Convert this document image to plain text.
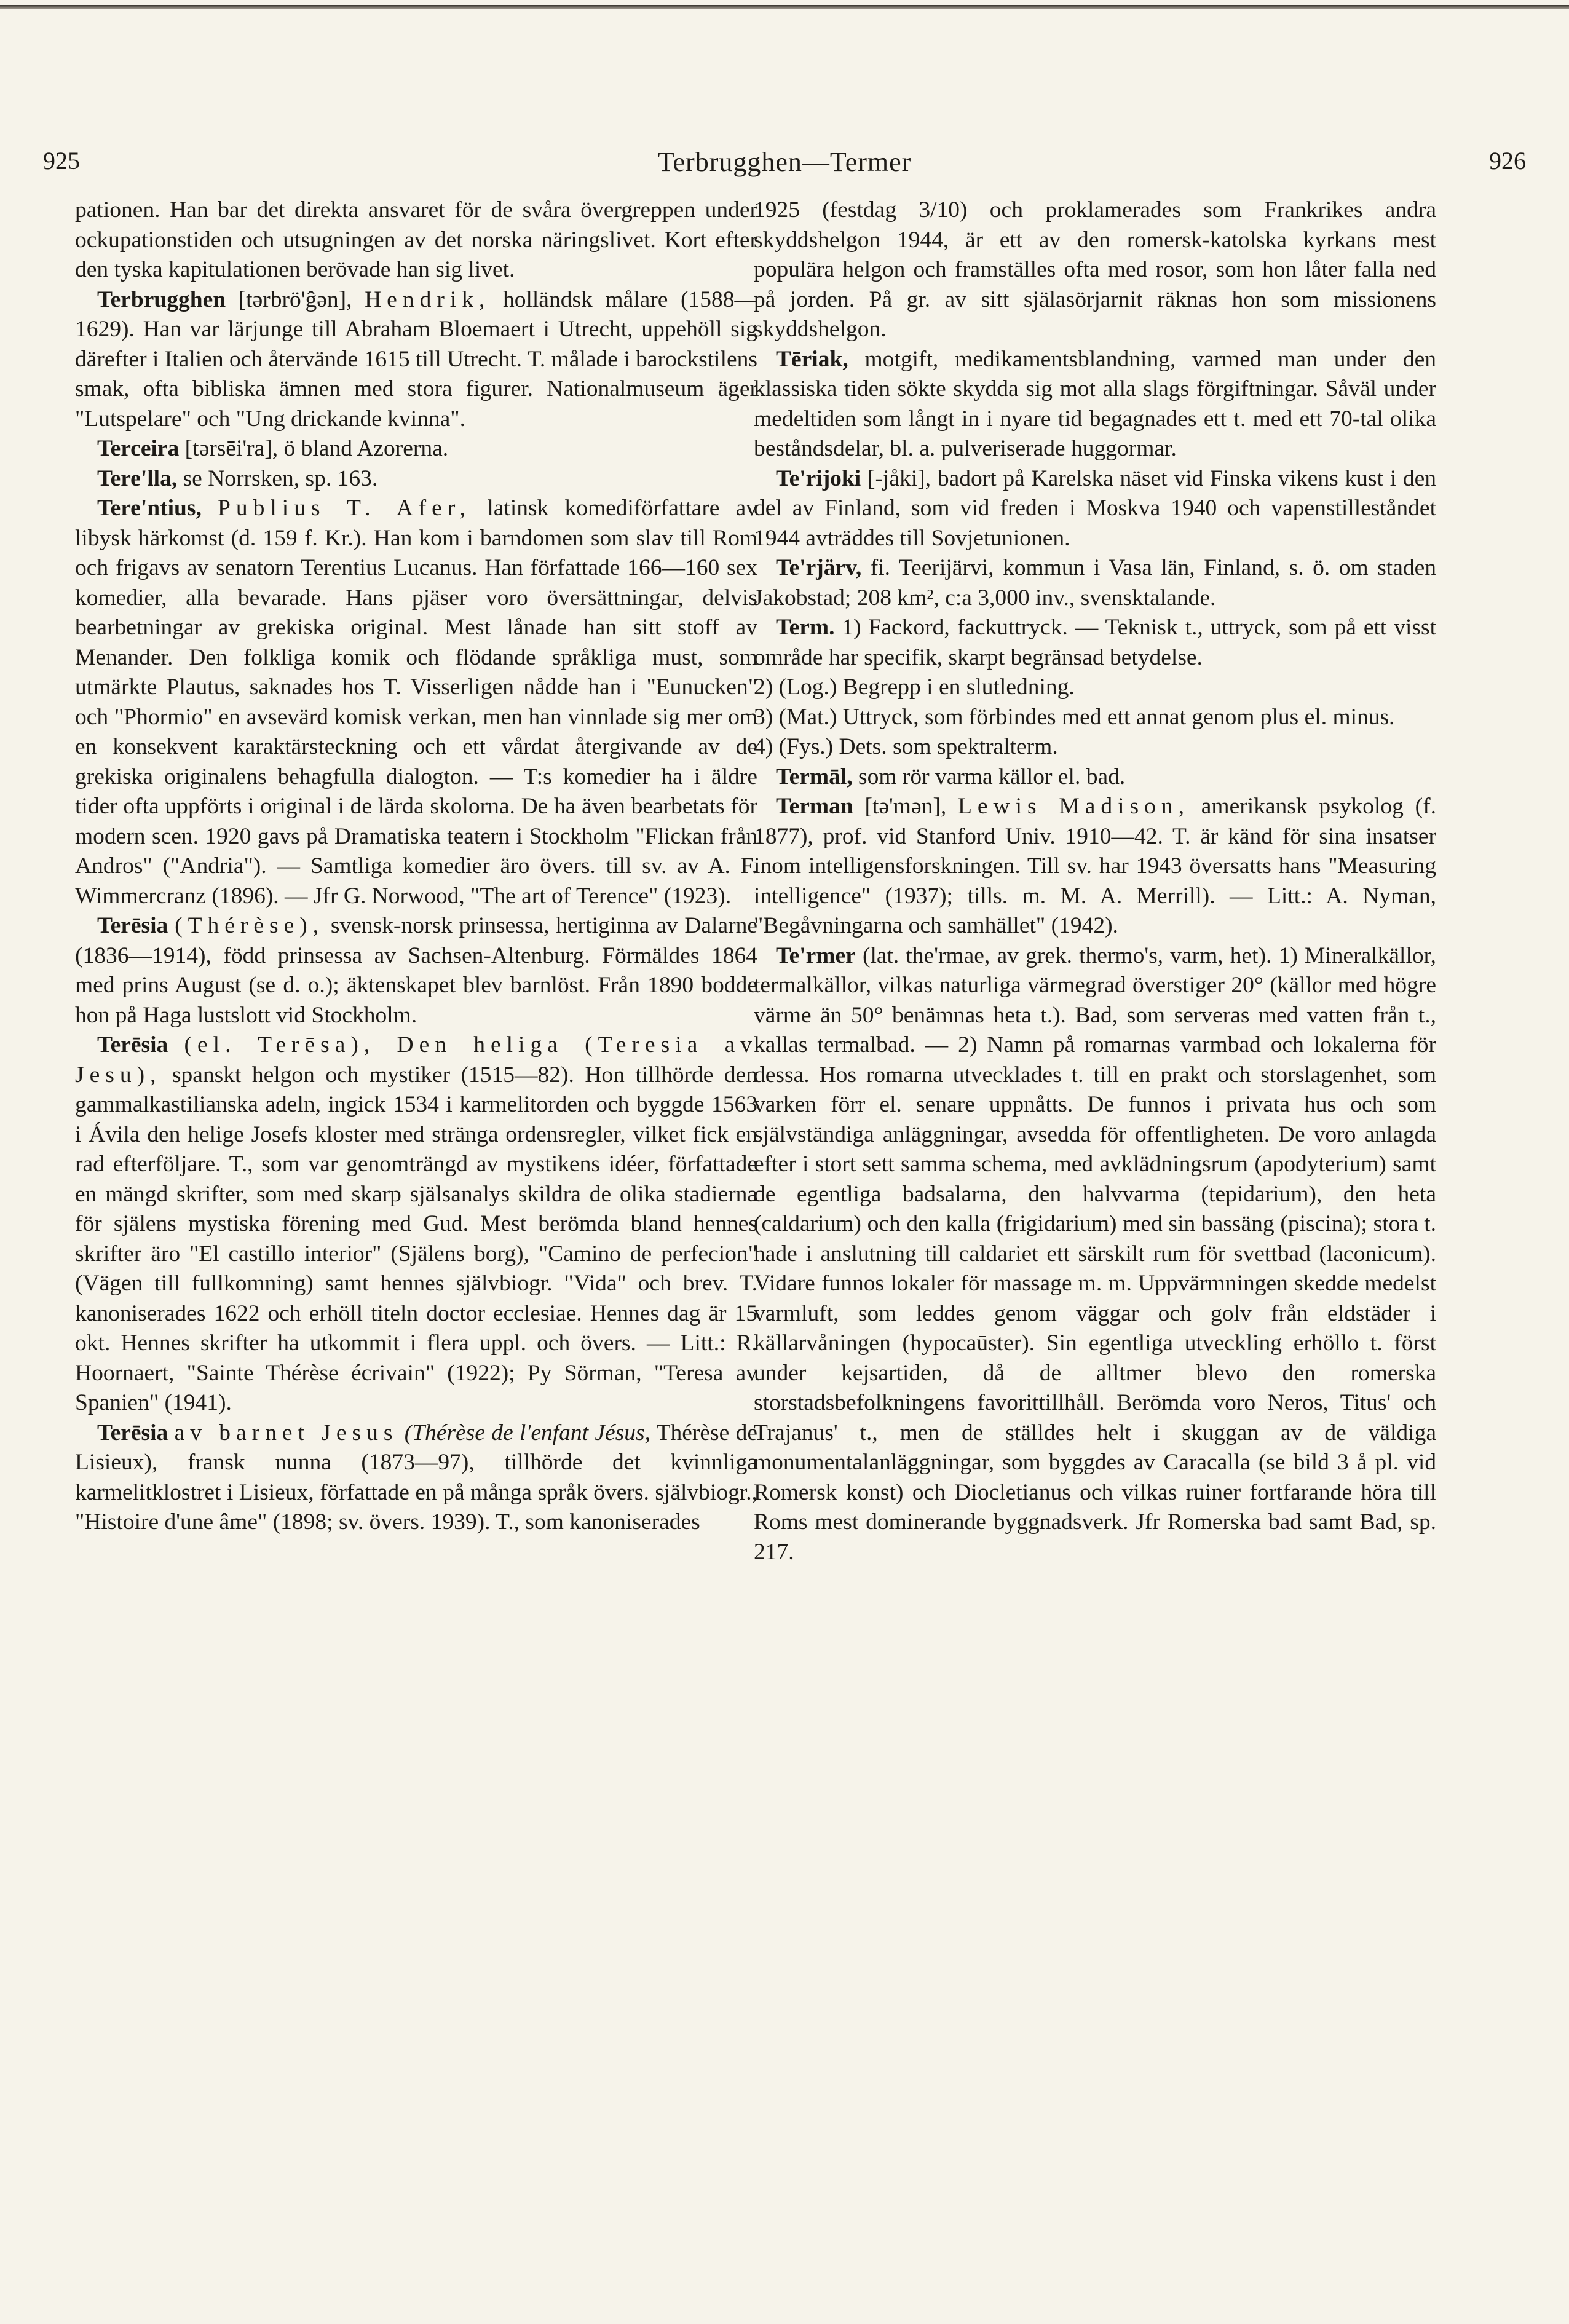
925	Terbrugghen—Termer	926

pationen. Han bar det direkta ansvaret för de svåra övergreppen under ockupationstiden och utsugningen av det norska näringslivet. Kort efter den tyska kapitulationen berövade han sig livet.

Terbrugghen [tərbrö'ĝən], Hendrik, holländsk målare (1588—1629). Han var lärjunge till Abraham Bloemaert i Utrecht, uppehöll sig därefter i Italien och återvände 1615 till Utrecht. T. målade i barockstilens smak, ofta bibliska ämnen med stora figurer. Nationalmuseum äger "Lutspelare" och "Ung drickande kvinna".

Terceira [tərsēi'ra], ö bland Azorerna.

Tere'lla, se Norrsken, sp. 163.

Tere'ntius, Publius T. Afer, latinsk komediförfattare av libysk härkomst (d. 159 f. Kr.). Han kom i barndomen som slav till Rom och frigavs av senatorn Terentius Lucanus. Han författade 166—160 sex komedier, alla bevarade. Hans pjäser voro översättningar, delvis bearbetningar av grekiska original. Mest lånade han sitt stoff av Menander. Den folkliga komik och flödande språkliga must, som utmärkte Plautus, saknades hos T. Visserligen nådde han i "Eunucken" och "Phormio" en avsevärd komisk verkan, men han vinnlade sig mer om en konsekvent karaktärsteckning och ett vårdat återgivande av de grekiska originalens behagfulla dialogton. — T:s komedier ha i äldre tider ofta uppförts i original i de lärda skolorna. De ha även bearbetats för modern scen. 1920 gavs på Dramatiska teatern i Stockholm "Flickan från Andros" ("Andria"). — Samtliga komedier äro övers. till sv. av A. F. Wimmercranz (1896). — Jfr G. Norwood, "The art of Terence" (1923).

Terēsia (Thérèse), svensk-norsk prinsessa, hertiginna av Dalarne (1836—1914), född prinsessa av Sachsen-Altenburg. Förmäldes 1864 med prins August (se d. o.); äktenskapet blev barnlöst. Från 1890 bodde hon på Haga lustslott vid Stockholm.

Terēsia (el. Terēsa), Den heliga (Teresia av Jesu), spanskt helgon och mystiker (1515—82). Hon tillhörde den gammalkastilianska adeln, ingick 1534 i karmelitorden och byggde 1563 i Ávila den helige Josefs kloster med stränga ordensregler, vilket fick en rad efterföljare. T., som var genomträngd av mystikens idéer, författade en mängd skrifter, som med skarp själsanalys skildra de olika stadierna för själens mystiska förening med Gud. Mest berömda bland hennes skrifter äro "El castillo interior" (Själens borg), "Camino de perfecion" (Vägen till fullkomning) samt hennes självbiogr. "Vida" och brev. T. kanoniserades 1622 och erhöll titeln doctor ecclesiae. Hennes dag är 15 okt. Hennes skrifter ha utkommit i flera uppl. och övers. — Litt.: R. Hoornaert, "Sainte Thérèse écrivain" (1922); Py Sörman, "Teresa av Spanien" (1941).

Terēsia av barnet Jesus (Thérèse de l'enfant Jésus, Thérèse de Lisieux), fransk nunna (1873—97), tillhörde det kvinnliga karmelitklostret i Lisieux, författade en på många språk övers. självbiogr., "Histoire d'une âme" (1898; sv. övers. 1939). T., som kanoniserades

1925 (festdag 3/10) och proklamerades som Frankrikes andra skyddshelgon 1944, är ett av den romersk-katolska kyrkans mest populära helgon och framställes ofta med rosor, som hon låter falla ned på jorden. På gr. av sitt själasörjarnit räknas hon som missionens skyddshelgon.

Tēriak, motgift, medikamentsblandning, varmed man under den klassiska tiden sökte skydda sig mot alla slags förgiftningar. Såväl under medeltiden som långt in i nyare tid begagnades ett t. med ett 70-tal olika beståndsdelar, bl. a. pulveriserade huggormar.

Te'rijoki [-jåki], badort på Karelska näset vid Finska vikens kust i den del av Finland, som vid freden i Moskva 1940 och vapenstilleståndet 1944 avträddes till Sovjetunionen.

Te'rjärv, fi. Teerijärvi, kommun i Vasa län, Finland, s. ö. om staden Jakobstad; 208 km², c:a 3,000 inv., svensktalande.

Term. 1) Fackord, fackuttryck. — Teknisk t., uttryck, som på ett visst område har specifik, skarpt begränsad betydelse.

2) (Log.) Begrepp i en slutledning.

3) (Mat.) Uttryck, som förbindes med ett annat genom plus el. minus.

4) (Fys.) Dets. som spektralterm.

Termāl, som rör varma källor el. bad.

Terman [tə'mən], Lewis Madison, amerikansk psykolog (f. 1877), prof. vid Stanford Univ. 1910—42. T. är känd för sina insatser inom intelligensforskningen. Till sv. har 1943 översatts hans "Measuring intelligence" (1937); tills. m. M. A. Merrill). — Litt.: A. Nyman, "Begåvningarna och samhället" (1942).

Te'rmer (lat. the'rmae, av grek. thermo's, varm, het). 1) Mineralkällor, termalkällor, vilkas naturliga värmegrad överstiger 20° (källor med högre värme än 50° benämnas heta t.). Bad, som serveras med vatten från t., kallas termalbad. — 2) Namn på romarnas varmbad och lokalerna för dessa. Hos romarna utvecklades t. till en prakt och storslagenhet, som varken förr el. senare uppnåtts. De funnos i privata hus och som självständiga anläggningar, avsedda för offentligheten. De voro anlagda efter i stort sett samma schema, med avklädningsrum (apodyterium) samt de egentliga badsalarna, den halvvarma (tepidarium), den heta (caldarium) och den kalla (frigidarium) med sin bassäng (piscina); stora t. hade i anslutning till caldariet ett särskilt rum för svettbad (laconicum). Vidare funnos lokaler för massage m. m. Uppvärmningen skedde medelst varmluft, som leddes genom väggar och golv från eldstäder i källarvåningen (hypocaūster). Sin egentliga utveckling erhöllo t. först under kejsartiden, då de alltmer blevo den romerska storstadsbefolkningens favorittillhåll. Berömda voro Neros, Titus' och Trajanus' t., men de ställdes helt i skuggan av de väldiga monumentalanläggningar, som byggdes av Caracalla (se bild 3 å pl. vid Romersk konst) och Diocletianus och vilkas ruiner fortfarande höra till Roms mest dominerande byggnadsverk. Jfr Romerska bad samt Bad, sp. 217.
